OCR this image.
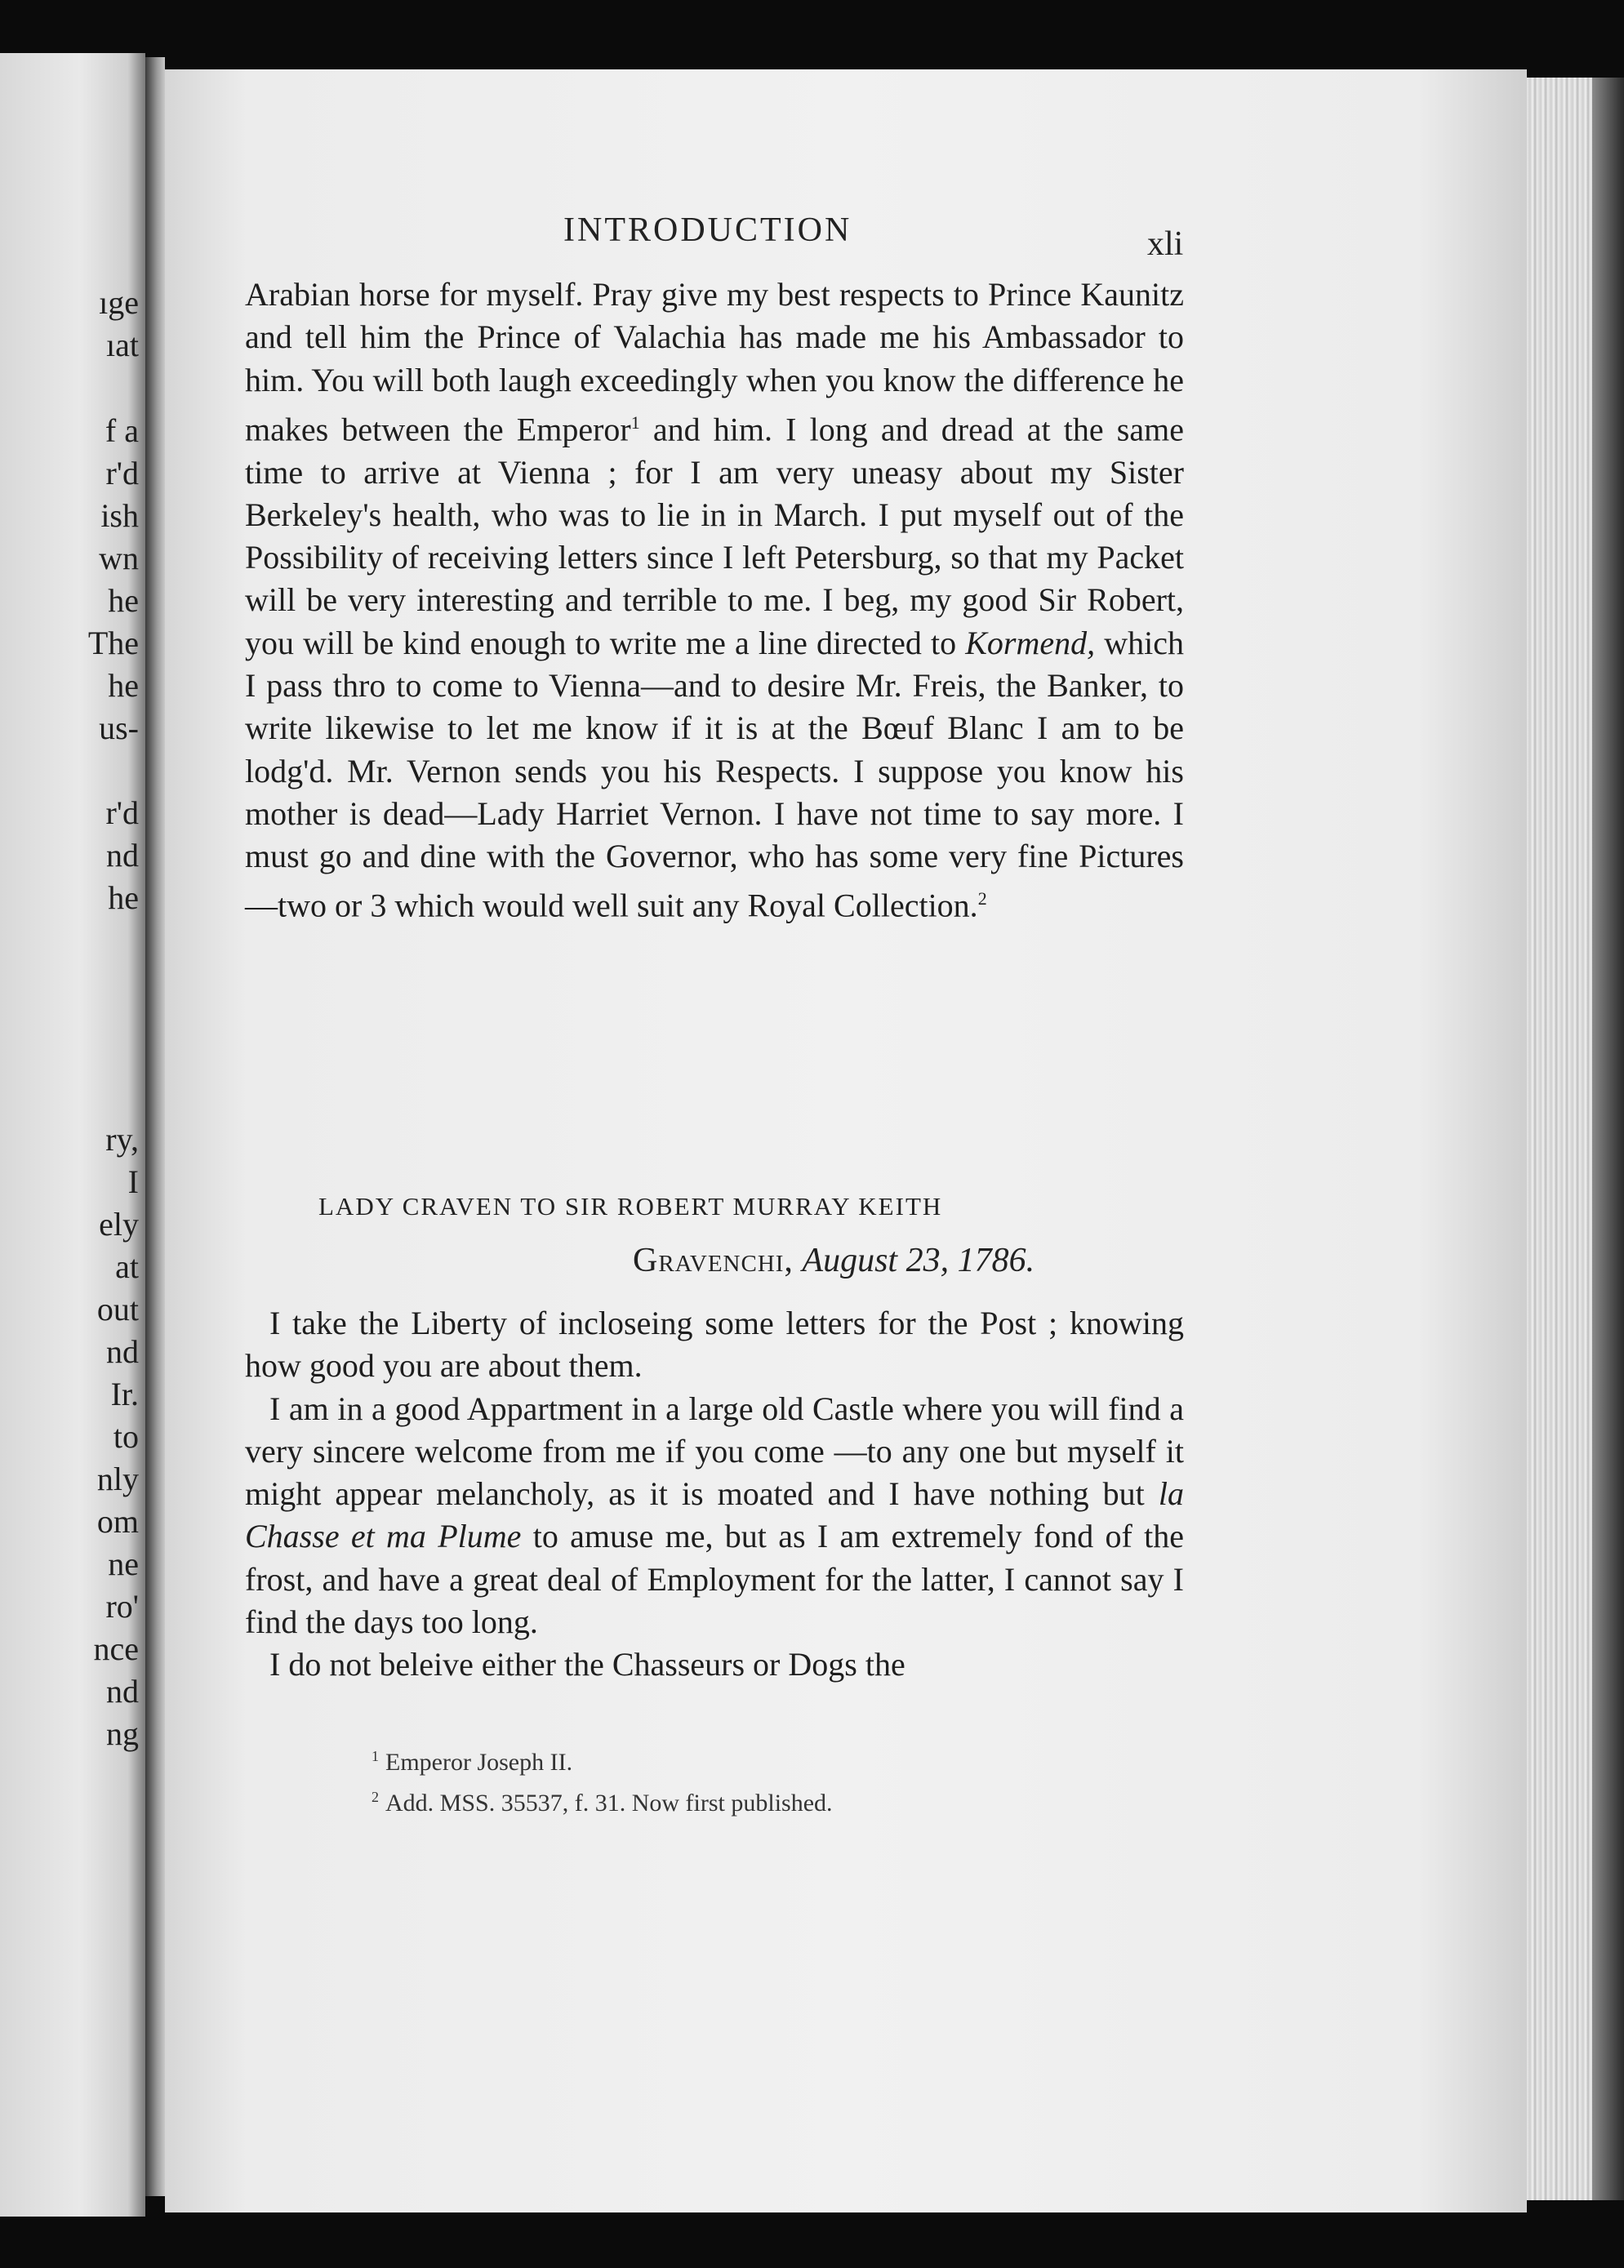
ıge
ıat
f a
r'd
ish
wn
he
The
he
us-
r'd
nd
he
ry,
I
ely
at
out
nd
Ir.
to
nly
om
ne
ro'
nce
nd
ng
INTRODUCTION	xli

Arabian horse for myself. Pray give my best respects to Prince Kaunitz and tell him the Prince of Valachia has made me his Ambassador to him. You will both laugh exceedingly when you know the difference he makes between the Emperor$^1$ and him. I long and dread at the same time to arrive at Vienna ; for I am very uneasy about my Sister Berkeley's health, who was to lie in in March. I put myself out of the Possibility of receiving letters since I left Petersburg, so that my Packet will be very interesting and terrible to me. I beg, my good Sir Robert, you will be kind enough to write me a line directed to Kormend, which I pass thro to come to Vienna—and to desire Mr. Freis, the Banker, to write likewise to let me know if it is at the Bœuf Blanc I am to be lodg'd. Mr. Vernon sends you his Respects. I suppose you know his mother is dead—Lady Harriet Vernon. I have not time to say more. I must go and dine with the Governor, who has some very fine Pictures —two or 3 which would well suit any Royal Collection.$^2$

LADY CRAVEN TO SIR ROBERT MURRAY KEITH
Gravenchi, August 23, 1786.

I take the Liberty of incloseing some letters for the Post ; knowing how good you are about them.

I am in a good Appartment in a large old Castle where you will find a very sincere welcome from me if you come —to any one but myself it might appear melancholy, as it is moated and I have nothing but la Chasse et ma Plume to amuse me, but as I am extremely fond of the frost, and have a great deal of Employment for the latter, I cannot say I find the days too long.

I do not beleive either the Chasseurs or Dogs the

$^1$ Emperor Joseph II.
$^2$ Add. MSS. 35537, f. 31. Now first published.
